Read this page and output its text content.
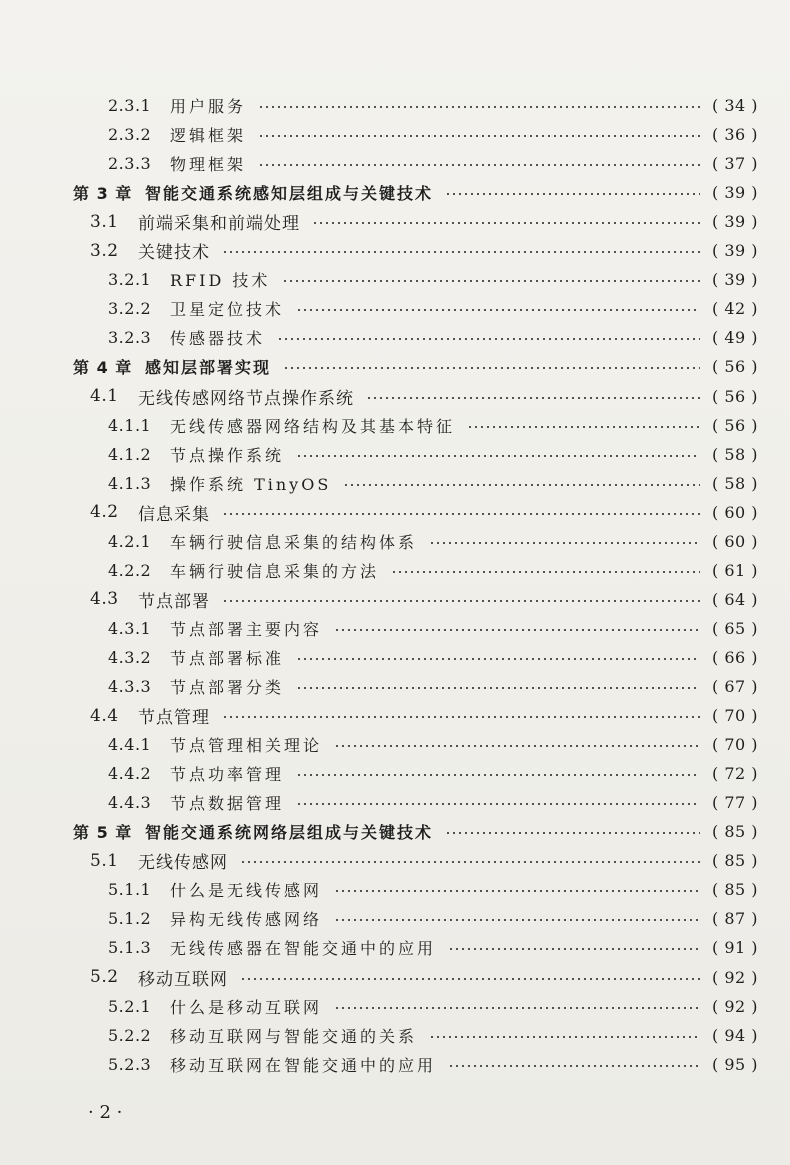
2.3.1 用户服务	( 34 )
2.3.2 逻辑框架	( 36 )
2.3.3 物理框架	( 37 )
第 3 章 智能交通系统感知层组成与关键技术	( 39 )
3.1 前端采集和前端处理	( 39 )
3.2 关键技术	( 39 )
3.2.1 RFID 技术	( 39 )
3.2.2 卫星定位技术	( 42 )
3.2.3 传感器技术	( 49 )
第 4 章 感知层部署实现	( 56 )
4.1 无线传感网络节点操作系统	( 56 )
4.1.1 无线传感器网络结构及其基本特征	( 56 )
4.1.2 节点操作系统	( 58 )
4.1.3 操作系统 TinyOS	( 58 )
4.2 信息采集	( 60 )
4.2.1 车辆行驶信息采集的结构体系	( 60 )
4.2.2 车辆行驶信息采集的方法	( 61 )
4.3 节点部署	( 64 )
4.3.1 节点部署主要内容	( 65 )
4.3.2 节点部署标准	( 66 )
4.3.3 节点部署分类	( 67 )
4.4 节点管理	( 70 )
4.4.1 节点管理相关理论	( 70 )
4.4.2 节点功率管理	( 72 )
4.4.3 节点数据管理	( 77 )
第 5 章 智能交通系统网络层组成与关键技术	( 85 )
5.1 无线传感网	( 85 )
5.1.1 什么是无线传感网	( 85 )
5.1.2 异构无线传感网络	( 87 )
5.1.3 无线传感器在智能交通中的应用	( 91 )
5.2 移动互联网	( 92 )
5.2.1 什么是移动互联网	( 92 )
5.2.2 移动互联网与智能交通的关系	( 94 )
5.2.3 移动互联网在智能交通中的应用	( 95 )
· 2 ·
